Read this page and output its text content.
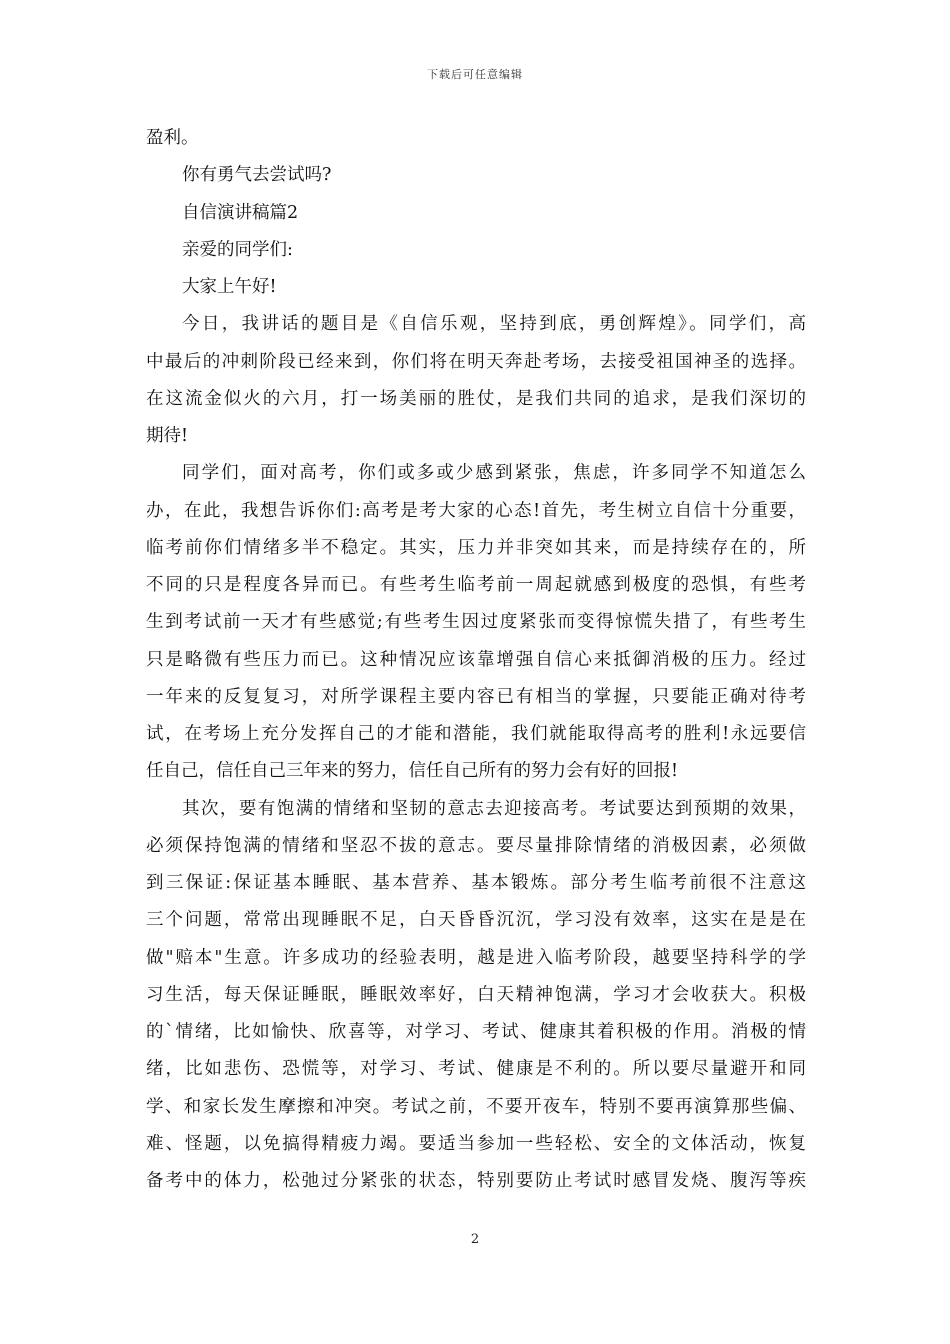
下载后可任意编辑
盈利。
你有勇气去尝试吗?
自信演讲稿篇2
亲爱的同学们:
大家上午好!
今日，我讲话的题目是《自信乐观，坚持到底，勇创辉煌》。同学们，高
中最后的冲刺阶段已经来到，你们将在明天奔赴考场，去接受祖国神圣的选择。
在这流金似火的六月，打一场美丽的胜仗，是我们共同的追求，是我们深切的
期待!
同学们，面对高考，你们或多或少感到紧张，焦虑，许多同学不知道怎么
办，在此，我想告诉你们:高考是考大家的心态!首先，考生树立自信十分重要，
临考前你们情绪多半不稳定。其实，压力并非突如其来，而是持续存在的，所
不同的只是程度各异而已。有些考生临考前一周起就感到极度的恐惧，有些考
生到考试前一天才有些感觉;有些考生因过度紧张而变得惊慌失措了，有些考生
只是略微有些压力而已。这种情况应该靠增强自信心来抵御消极的压力。经过
一年来的反复复习，对所学课程主要内容已有相当的掌握，只要能正确对待考
试，在考场上充分发挥自己的才能和潜能，我们就能取得高考的胜利!永远要信
任自己，信任自己三年来的努力，信任自己所有的努力会有好的回报!
其次，要有饱满的情绪和坚韧的意志去迎接高考。考试要达到预期的效果，
必须保持饱满的情绪和坚忍不拔的意志。要尽量排除情绪的消极因素，必须做
到三保证:保证基本睡眠、基本营养、基本锻炼。部分考生临考前很不注意这
三个问题，常常出现睡眠不足，白天昏昏沉沉，学习没有效率，这实在是是在
做"赔本"生意。许多成功的经验表明，越是进入临考阶段，越要坚持科学的学
习生活，每天保证睡眠，睡眠效率好，白天精神饱满，学习才会收获大。积极
的`情绪，比如愉快、欣喜等，对学习、考试、健康其着积极的作用。消极的情
绪，比如悲伤、恐慌等，对学习、考试、健康是不利的。所以要尽量避开和同
学、和家长发生摩擦和冲突。考试之前，不要开夜车，特别不要再演算那些偏、
难、怪题，以免搞得精疲力竭。要适当参加一些轻松、安全的文体活动，恢复
备考中的体力，松弛过分紧张的状态，特别要防止考试时感冒发烧、腹泻等疾
2
